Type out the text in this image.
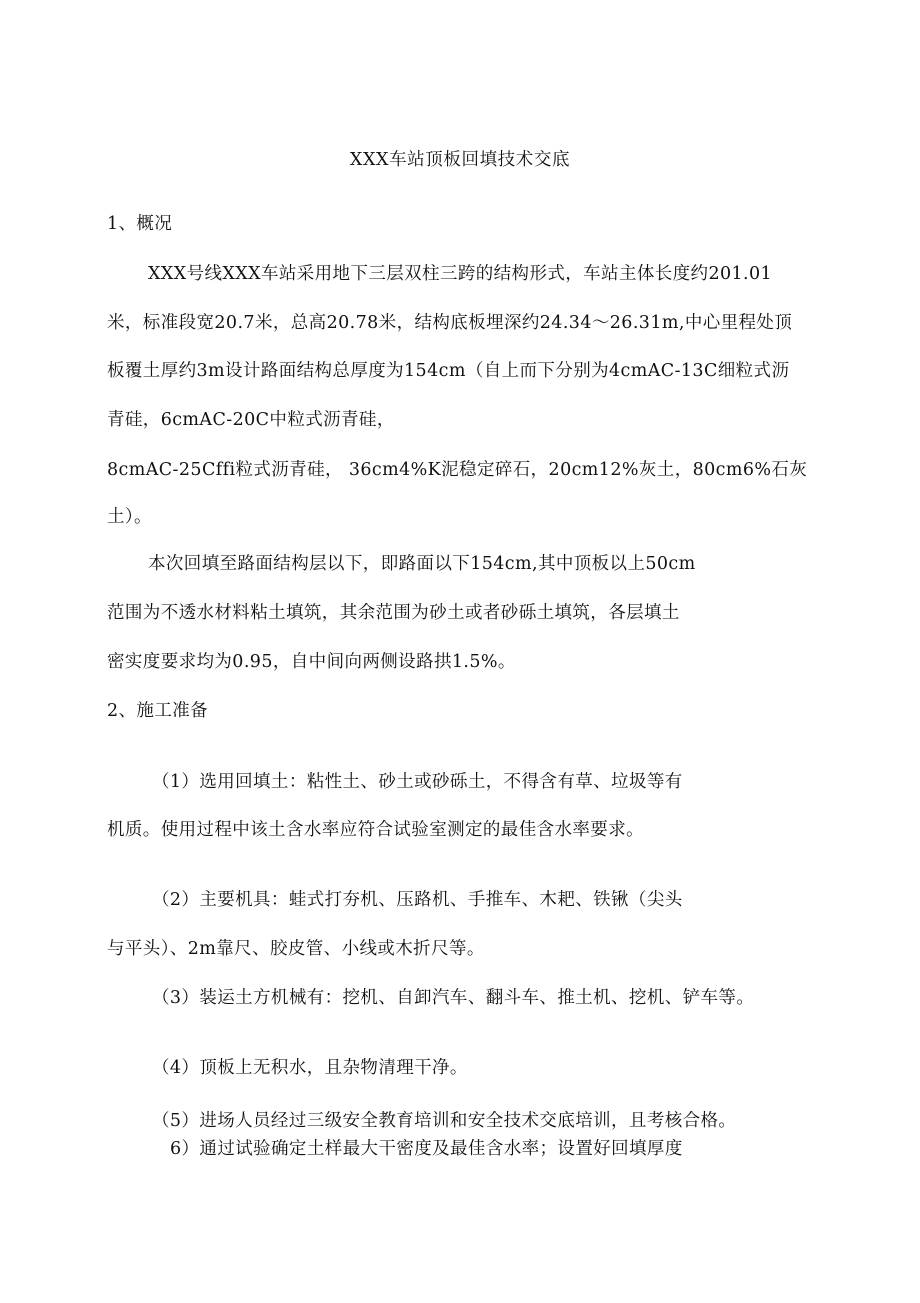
XXX车站顶板回填技术交底
1、概况
XXX号线XXX车站采用地下三层双柱三跨的结构形式，车站主体长度约201.01
米，标准段宽20.7米，总高20.78米，结构底板埋深约24.34～26.31m,中心里程处顶
板覆土厚约3m设计路面结构总厚度为154cm（自上而下分别为4cmAC-13C细粒式沥
青硅，6cmAC-20C中粒式沥青硅，
8cmAC-25Cffi粒式沥青硅， 36cm4%K泥稳定碎石，20cm12%灰土，80cm6%石灰
土）。
本次回填至路面结构层以下，即路面以下154cm,其中顶板以上50cm
范围为不透水材料粘土填筑，其余范围为砂土或者砂砾土填筑，各层填土
密实度要求均为0.95，自中间向两侧设路拱1.5%。
2、施工准备
（1）选用回填土：粘性土、砂土或砂砾土，不得含有草、垃圾等有
机质。使用过程中该土含水率应符合试验室测定的最佳含水率要求。
（2）主要机具：蛙式打夯机、压路机、手推车、木耙、铁锹（尖头
与平头）、2m靠尺、胶皮管、小线或木折尺等。
（3）装运土方机械有：挖机、自卸汽车、翻斗车、推土机、挖机、铲车等。
（4）顶板上无积水，且杂物清理干净。
（5）进场人员经过三级安全教育培训和安全技术交底培训，且考核合格。
6）通过试验确定土样最大干密度及最佳含水率；设置好回填厚度
